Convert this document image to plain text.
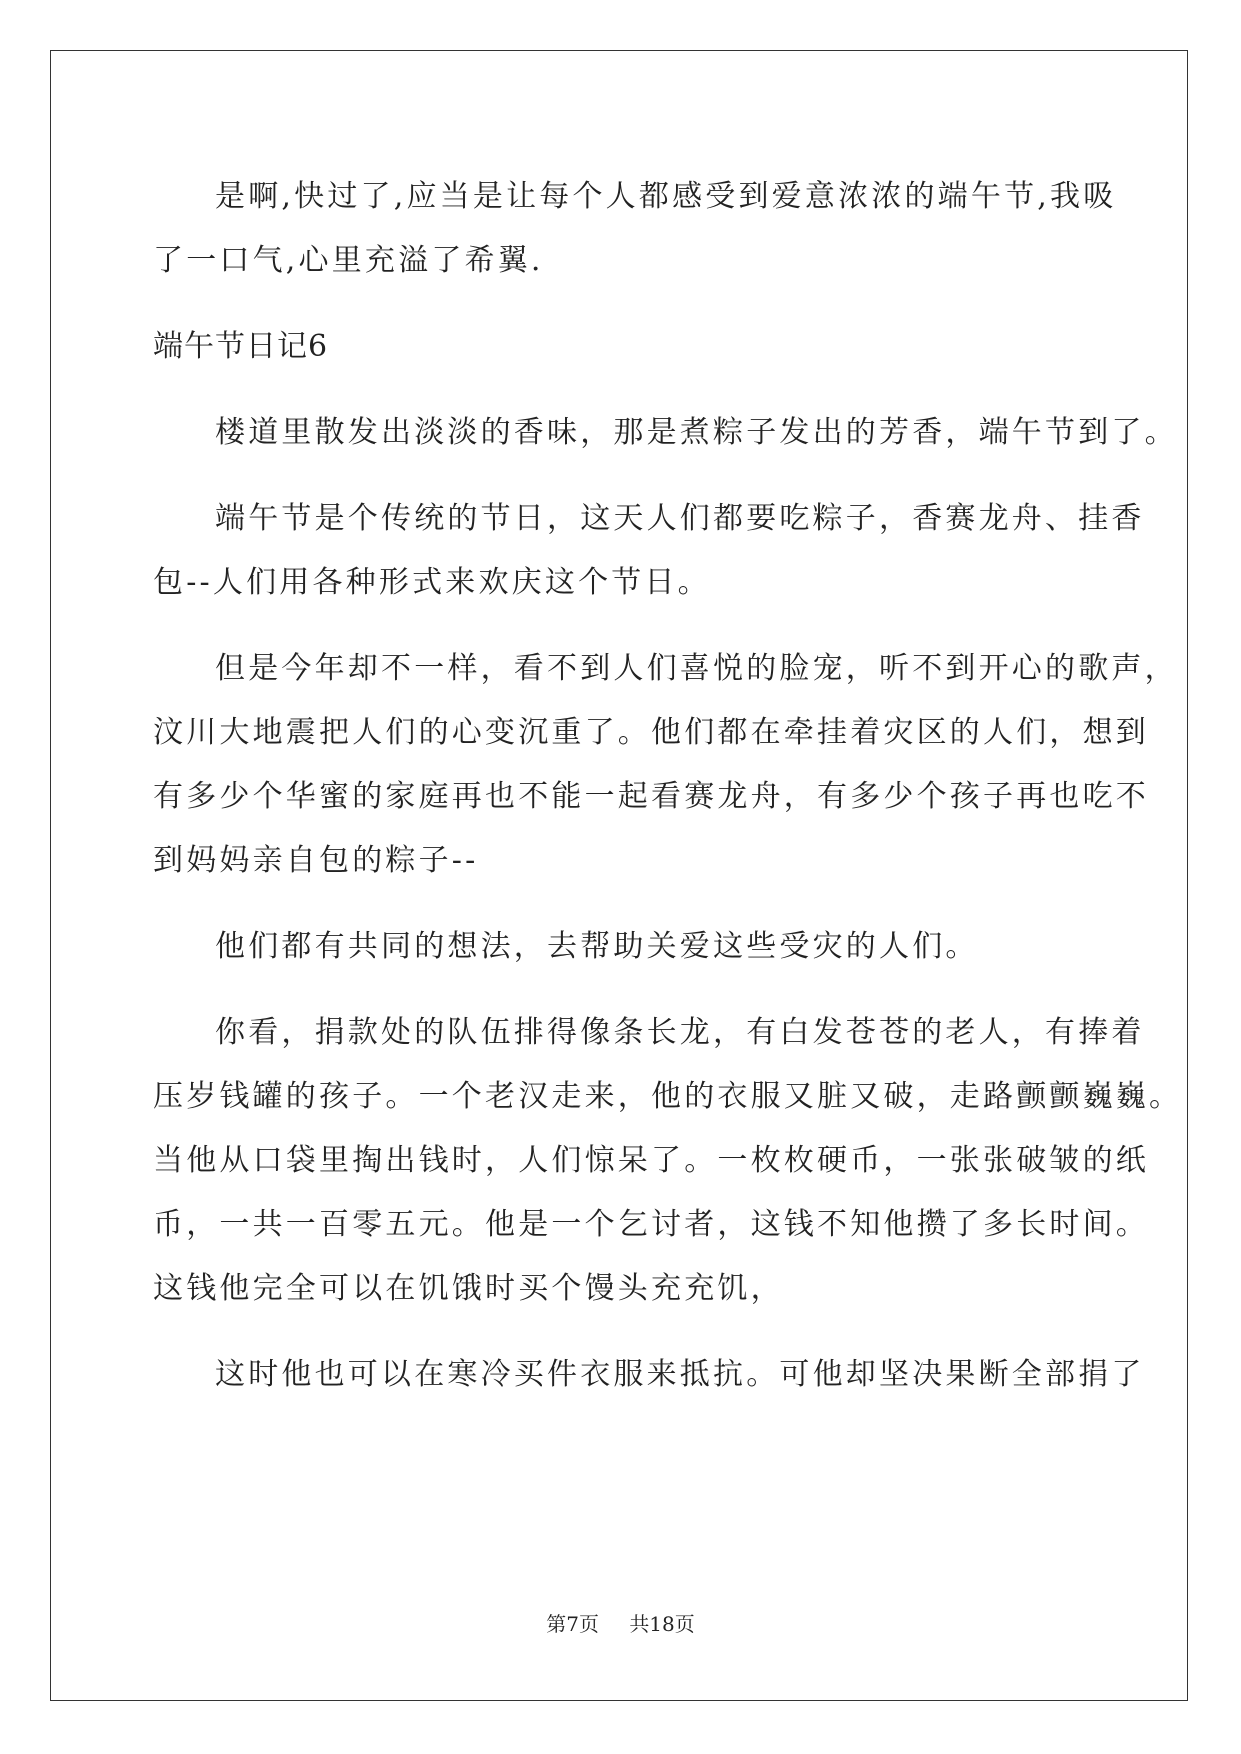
是啊,快过了,应当是让每个人都感受到爱意浓浓的端午节,我吸
了一口气,心里充溢了希翼.
端午节日记6
楼道里散发出淡淡的香味，那是煮粽子发出的芳香，端午节到了。
端午节是个传统的节日，这天人们都要吃粽子，香赛龙舟、挂香
包--人们用各种形式来欢庆这个节日。
但是今年却不一样，看不到人们喜悦的脸宠，听不到开心的歌声，
汶川大地震把人们的心变沉重了。他们都在牵挂着灾区的人们，想到
有多少个华蜜的家庭再也不能一起看赛龙舟，有多少个孩子再也吃不
到妈妈亲自包的粽子--
他们都有共同的想法，去帮助关爱这些受灾的人们。
你看，捐款处的队伍排得像条长龙，有白发苍苍的老人，有捧着
压岁钱罐的孩子。一个老汉走来，他的衣服又脏又破，走路颤颤巍巍。
当他从口袋里掏出钱时，人们惊呆了。一枚枚硬币，一张张破皱的纸
币，一共一百零五元。他是一个乞讨者，这钱不知他攒了多长时间。
这钱他完全可以在饥饿时买个馒头充充饥，
这时他也可以在寒冷买件衣服来抵抗。可他却坚决果断全部捐了
第7页 共18页
